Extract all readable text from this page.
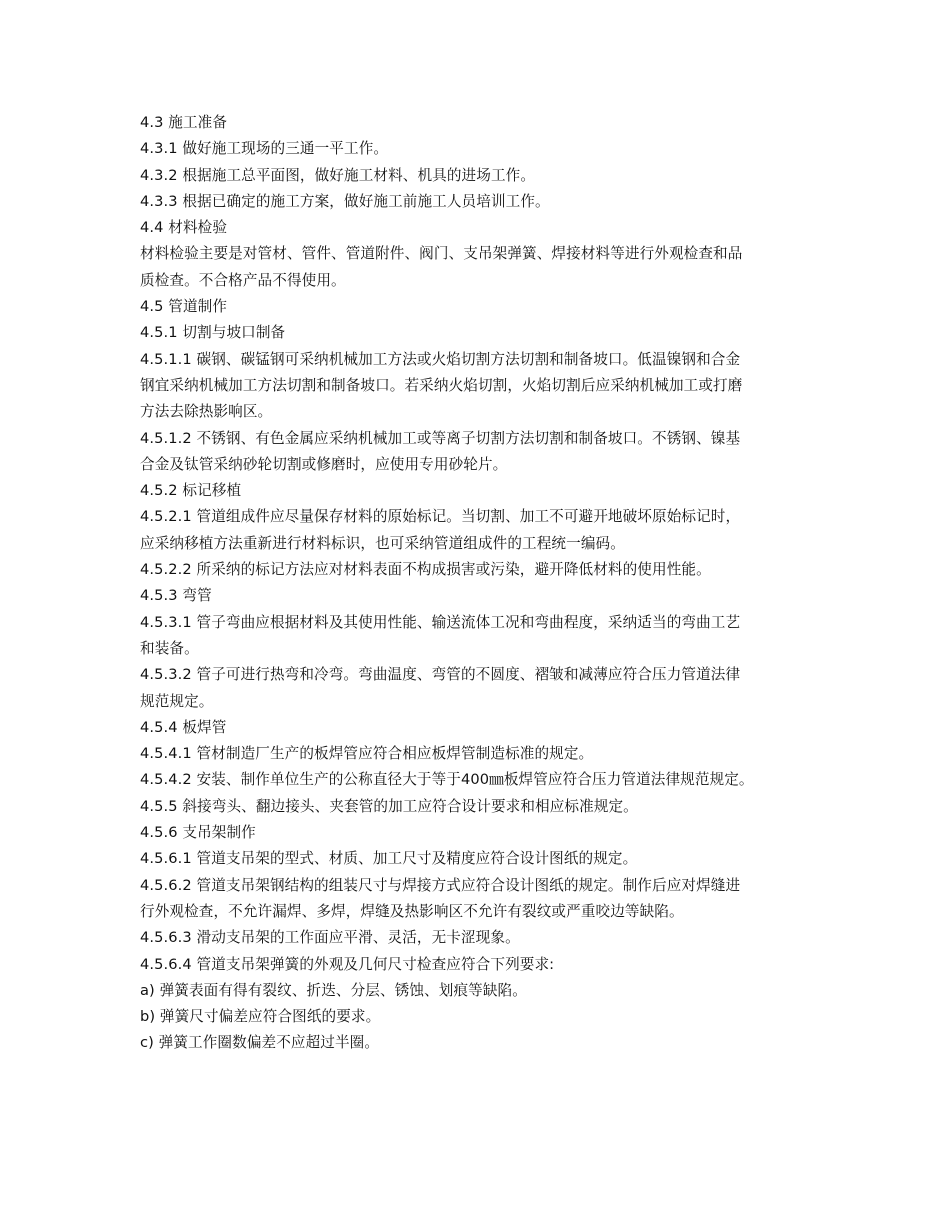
4.3 施工准备

4.3.1 做好施工现场的三通一平工作。

4.3.2 根据施工总平面图，做好施工材料、机具的进场工作。

4.3.3 根据已确定的施工方案，做好施工前施工人员培训工作。

4.4 材料检验

材料检验主要是对管材、管件、管道附件、阀门、支吊架弹簧、焊接材料等进行外观检查和品

质检查。不合格产品不得使用。

4.5 管道制作

4.5.1 切割与坡口制备

4.5.1.1 碳钢、碳锰钢可采纳机械加工方法或火焰切割方法切割和制备坡口。低温镍钢和合金

钢宜采纳机械加工方法切割和制备坡口。若采纳火焰切割，火焰切割后应采纳机械加工或打磨

方法去除热影响区。

4.5.1.2 不锈钢、有色金属应采纳机械加工或等离子切割方法切割和制备坡口。不锈钢、镍基

合金及钛管采纳砂轮切割或修磨时，应使用专用砂轮片。

4.5.2 标记移植

4.5.2.1 管道组成件应尽量保存材料的原始标记。当切割、加工不可避开地破坏原始标记时，

应采纳移植方法重新进行材料标识，也可采纳管道组成件的工程统一编码。

4.5.2.2 所采纳的标记方法应对材料表面不构成损害或污染，避开降低材料的使用性能。

4.5.3 弯管

4.5.3.1 管子弯曲应根据材料及其使用性能、输送流体工况和弯曲程度，采纳适当的弯曲工艺

和装备。

4.5.3.2 管子可进行热弯和冷弯。弯曲温度、弯管的不圆度、褶皱和减薄应符合压力管道法律

规范规定。

4.5.4 板焊管

4.5.4.1 管材制造厂生产的板焊管应符合相应板焊管制造标准的规定。

4.5.4.2 安装、制作单位生产的公称直径大于等于400㎜板焊管应符合压力管道法律规范规定。

4.5.5 斜接弯头、翻边接头、夹套管的加工应符合设计要求和相应标准规定。

4.5.6 支吊架制作

4.5.6.1 管道支吊架的型式、材质、加工尺寸及精度应符合设计图纸的规定。

4.5.6.2 管道支吊架钢结构的组装尺寸与焊接方式应符合设计图纸的规定。制作后应对焊缝进

行外观检查，不允许漏焊、多焊，焊缝及热影响区不允许有裂纹或严重咬边等缺陷。

4.5.6.3 滑动支吊架的工作面应平滑、灵活，无卡涩现象。

4.5.6.4 管道支吊架弹簧的外观及几何尺寸检查应符合下列要求:

a) 弹簧表面有得有裂纹、折迭、分层、锈蚀、划痕等缺陷。

b) 弹簧尺寸偏差应符合图纸的要求。

c) 弹簧工作圈数偏差不应超过半圈。
